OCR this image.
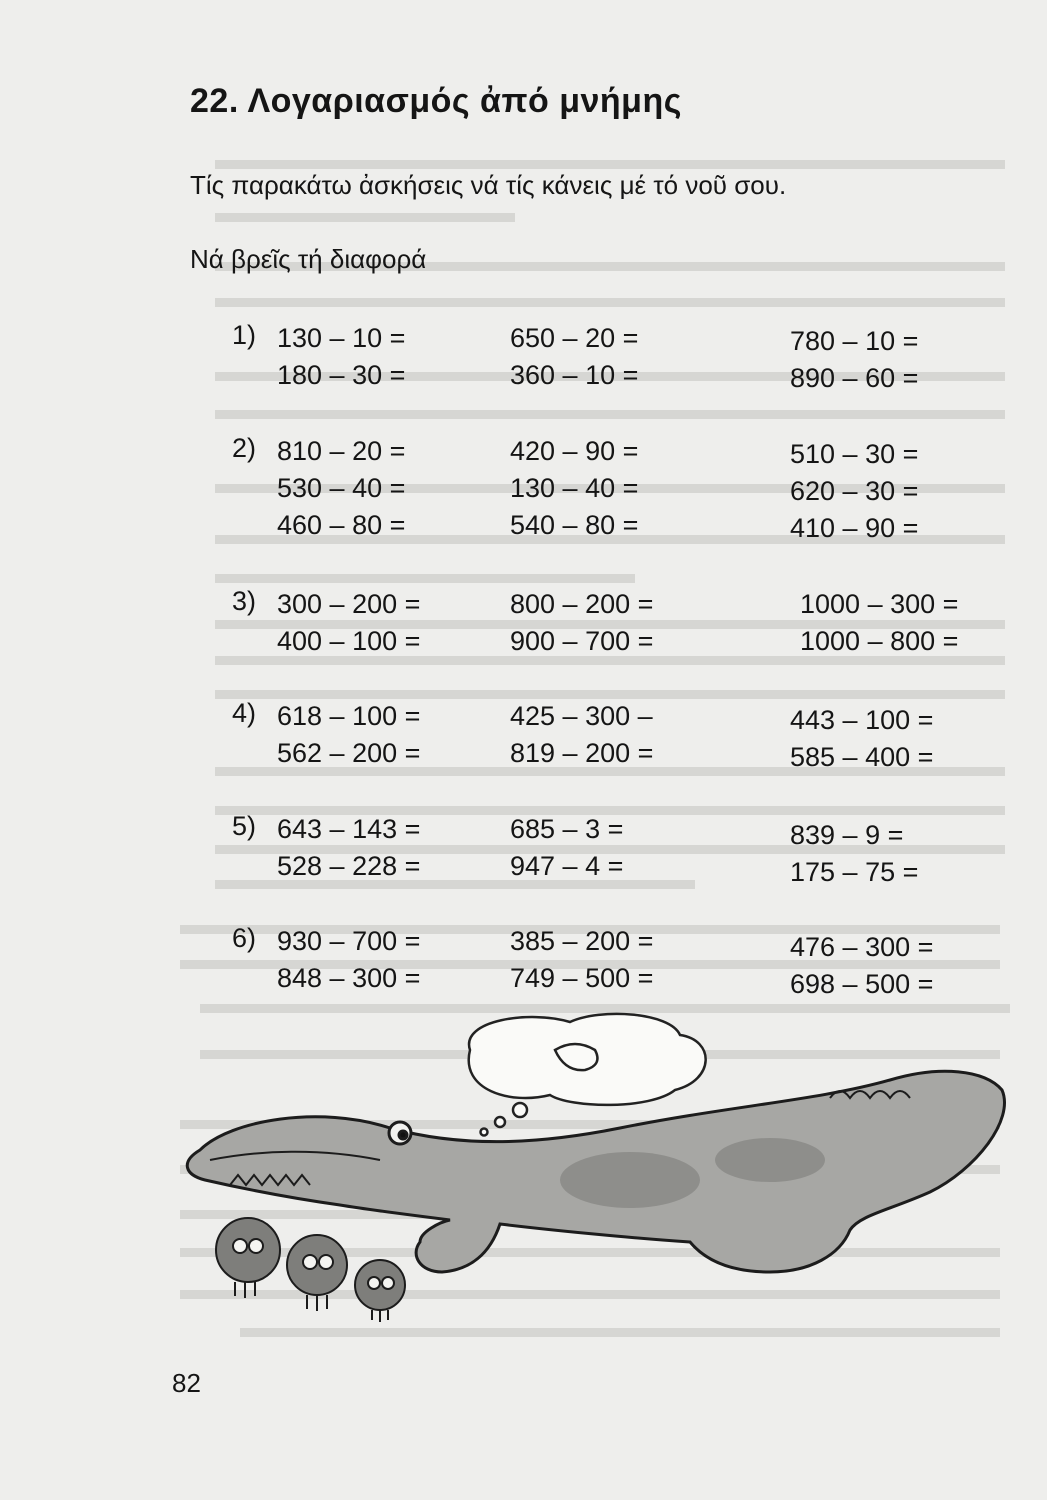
22. Λογαριασμός ἀπό μνήμης

Τίς παρακάτω ἀσκήσεις νά τίς κάνεις μέ τό νοῦ σου.

Νά βρεῖς τή διαφορά

1) 130 – 10 =
180 – 30 =
650 – 20 =
360 – 10 =
780 – 10 =
890 – 60 =
2) 810 – 20 =
530 – 40 =
460 – 80 =
420 – 90 =
130 – 40 =
540 – 80 =
510 – 30 =
620 – 30 =
410 – 90 =
3) 300 – 200 =
400 – 100 =
800 – 200 =
900 – 700 =
1000 – 300 =
1000 – 800 =
4) 618 – 100 =
562 – 200 =
425 – 300 –
819 – 200 =
443 – 100 =
585 – 400 =
5) 643 – 143 =
528 – 228 =
685 – 3 =
947 – 4 =
839 – 9 =
175 – 75 =
6) 930 – 700 =
848 – 300 =
385 – 200 =
749 – 500 =
476 – 300 =
698 – 500 =
82
